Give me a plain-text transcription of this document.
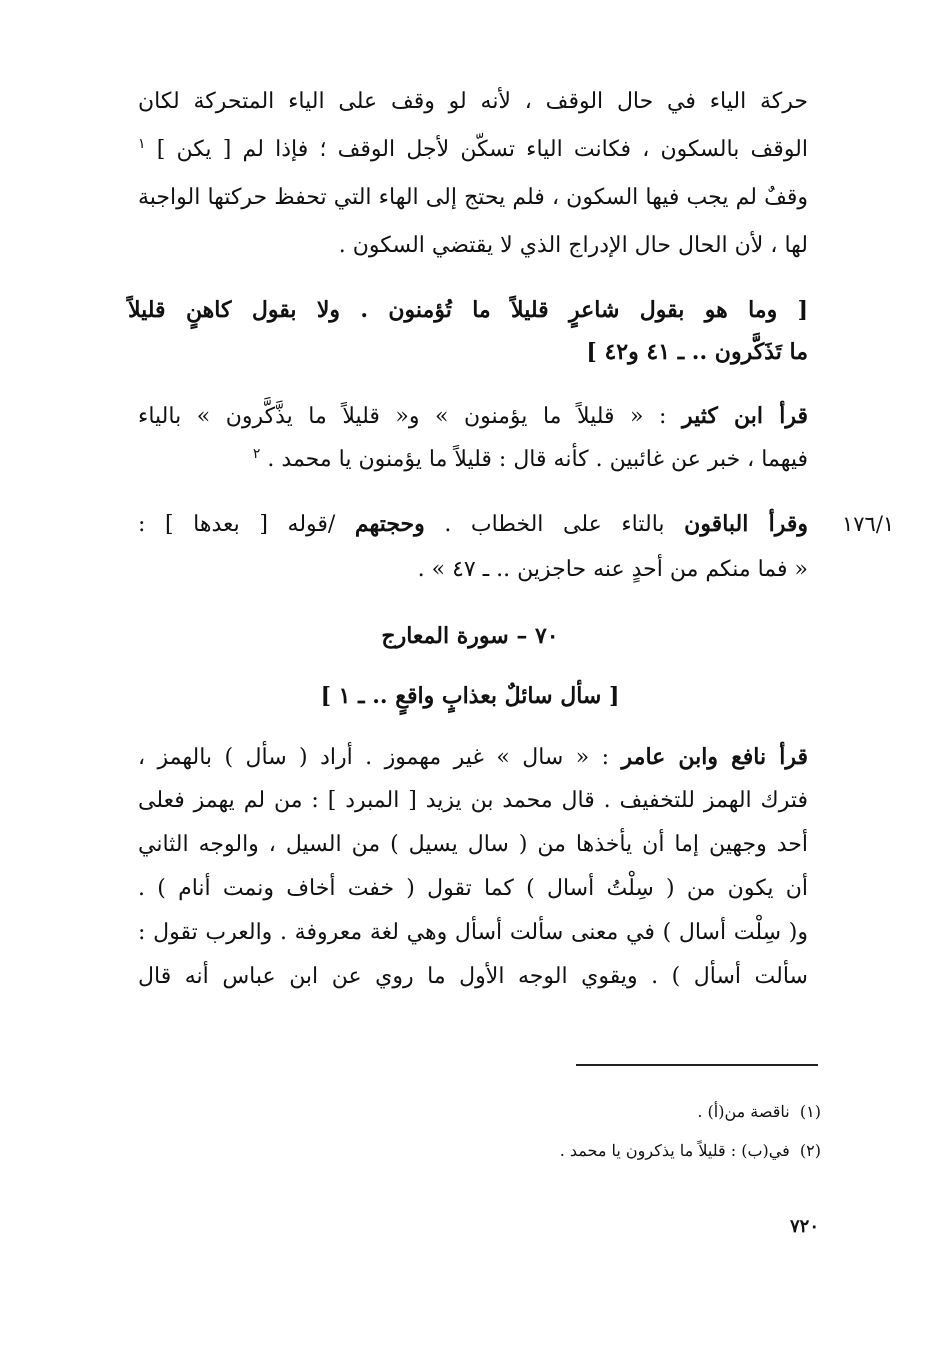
حركة الياء في حال الوقف ، لأنه لو وقف على الياء المتحركة لكان
الوقف بالسكون ، فكانت الياء تسكّن لأجل الوقف ؛ فإذا لم [ يكن ] $^١$
وقفٌ لم يجب فيها السكون ، فلم يحتج إلى الهاء التي تحفظ حركتها الواجبة
لها ، لأن الحال حال الإدراج الذي لا يقتضي السكون .
[ وما هو بقول شاعرٍ قليلاً ما تُؤمنون . ولا بقول كاهنٍ قليلاً
ما تَذَكَّرون .. ـ ٤١ و٤٢ ]
قرأ ابن كثير : « قليلاً ما يؤمنون » و« قليلاً ما يذَّكَّرون » بالياء
فيهما ، خبر عن غائبين . كأنه قال : قليلاً ما يؤمنون يا محمد . $^٢$
١٧٦/١
وقرأ الباقون بالتاء على الخطاب . وحجتهم /قوله [ بعدها ] :
« فما منكم من أحدٍ عنه حاجزين .. ـ ٤٧ » .
٧٠ – سورة المعارج
[ سأل سائلٌ بعذابٍ واقعٍ .. ـ ١ ]
قرأ نافع وابن عامر : « سال » غير مهموز . أراد ( سأل ) بالهمز ،
فترك الهمز للتخفيف . قال محمد بن يزيد [ المبرد ] : من لم يهمز فعلى
أحد وجهين إما أن يأخذها من ( سال يسيل ) من السيل ، والوجه الثاني
أن يكون من ( سِلْتُ أسال ) كما تقول ( خفت أخاف ونمت أنام ) .
و( سِلْت أسال ) في معنى سألت أسأل وهي لغة معروفة . والعرب تقول :
سألت أسأل ) . ويقوي الوجه الأول ما روي عن ابن عباس أنه قال
(١)  ناقصة من(أ) .
(٢)  في(ب) : قليلاً ما يذكرون يا محمد .
٧٢٠
